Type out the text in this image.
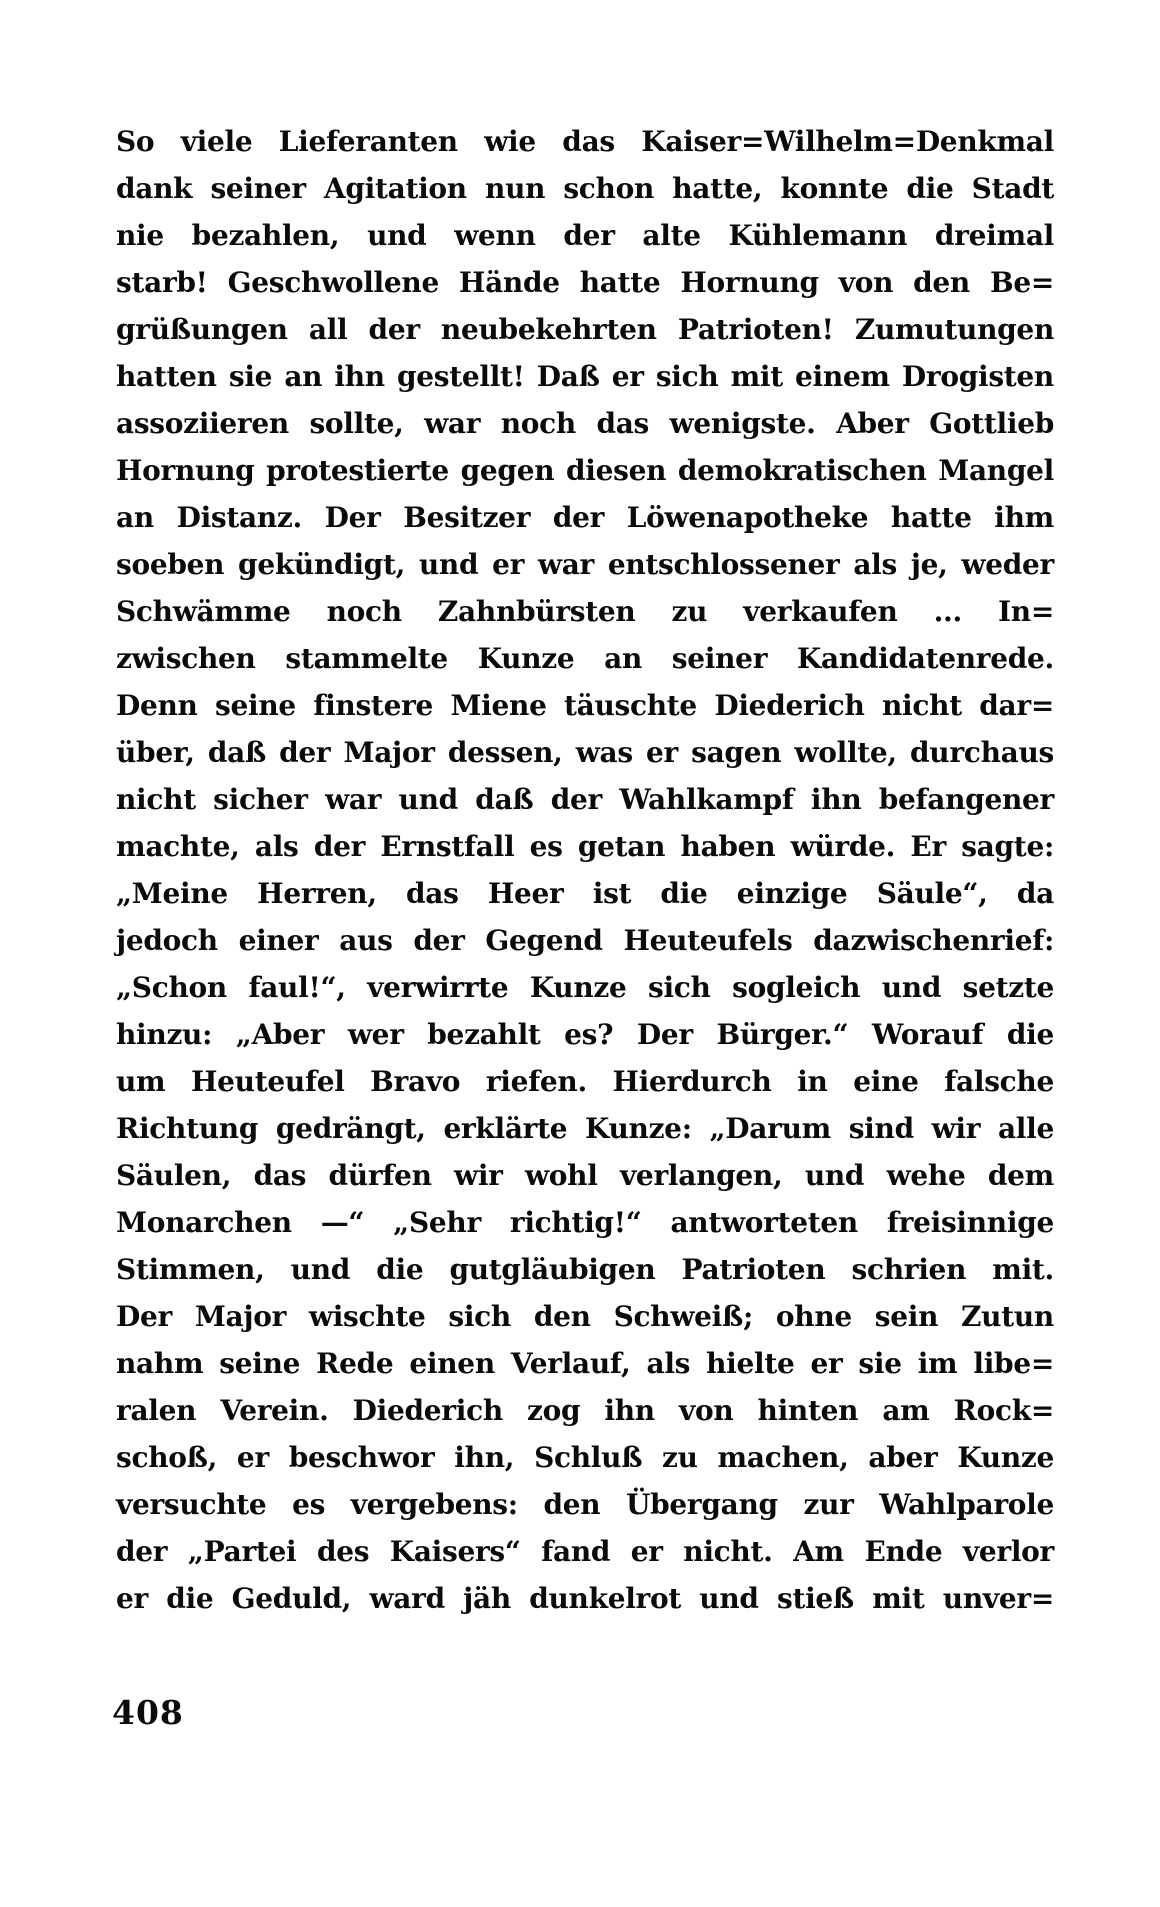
So viele Lieferanten wie das Kaiser=Wilhelm=Denkmal
dank seiner Agitation nun schon hatte, konnte die Stadt
nie bezahlen, und wenn der alte Kühlemann dreimal
starb! Geschwollene Hände hatte Hornung von den Be=
grüßungen all der neubekehrten Patrioten! Zumutungen
hatten sie an ihn gestellt! Daß er sich mit einem Drogisten
assoziieren sollte, war noch das wenigste. Aber Gottlieb
Hornung protestierte gegen diesen demokratischen Mangel
an Distanz. Der Besitzer der Löwenapotheke hatte ihm
soeben gekündigt, und er war entschlossener als je, weder
Schwämme noch Zahnbürsten zu verkaufen ... In=
zwischen stammelte Kunze an seiner Kandidatenrede.
Denn seine finstere Miene täuschte Diederich nicht dar=
über, daß der Major dessen, was er sagen wollte, durchaus
nicht sicher war und daß der Wahlkampf ihn befangener
machte, als der Ernstfall es getan haben würde. Er sagte:
„Meine Herren, das Heer ist die einzige Säule“, da
jedoch einer aus der Gegend Heuteufels dazwischenrief:
„Schon faul!“, verwirrte Kunze sich sogleich und setzte
hinzu: „Aber wer bezahlt es? Der Bürger.“ Worauf die
um Heuteufel Bravo riefen. Hierdurch in eine falsche
Richtung gedrängt, erklärte Kunze: „Darum sind wir alle
Säulen, das dürfen wir wohl verlangen, und wehe dem
Monarchen —“ „Sehr richtig!“ antworteten freisinnige
Stimmen, und die gutgläubigen Patrioten schrien mit.
Der Major wischte sich den Schweiß; ohne sein Zutun
nahm seine Rede einen Verlauf, als hielte er sie im libe=
ralen Verein. Diederich zog ihn von hinten am Rock=
schoß, er beschwor ihn, Schluß zu machen, aber Kunze
versuchte es vergebens: den Übergang zur Wahlparole
der „Partei des Kaisers“ fand er nicht. Am Ende verlor
er die Geduld, ward jäh dunkelrot und stieß mit unver=
408
